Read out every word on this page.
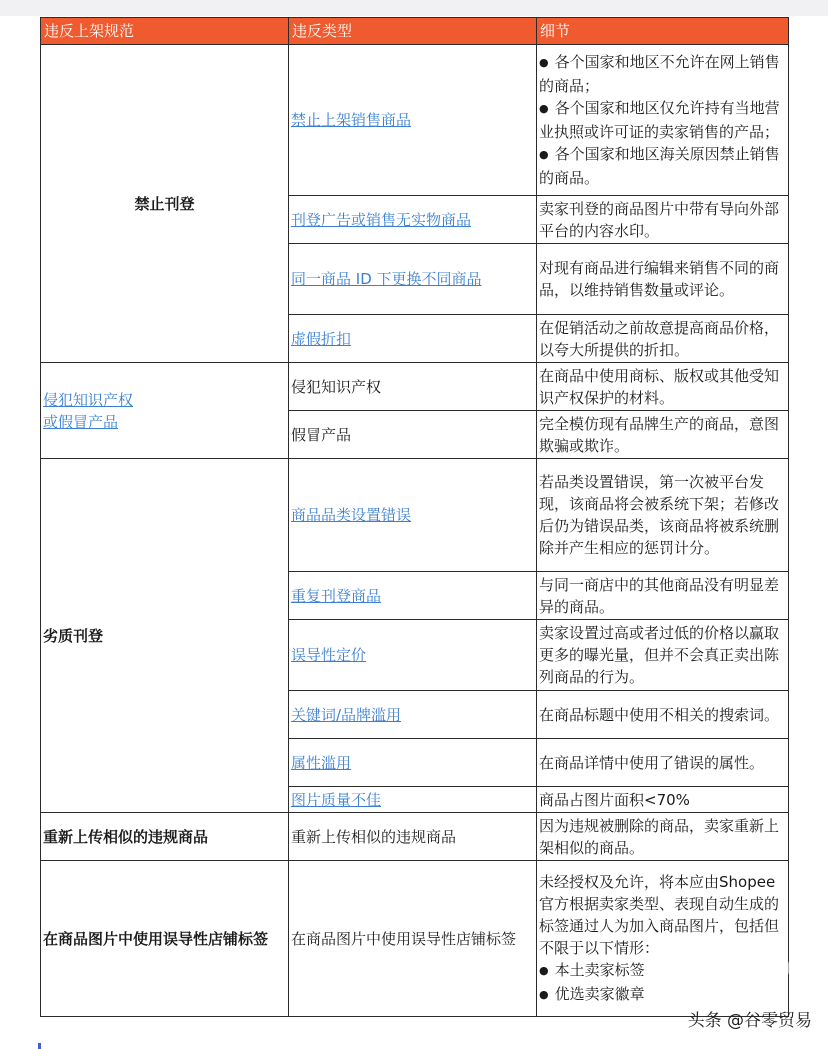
违反上架规范	违反类型	细节
禁止刊登	禁止上架销售商品	● 各个国家和地区不允许在网上销售的商品；
● 各个国家和地区仅允许持有当地营业执照或许可证的卖家销售的产品；
● 各个国家和地区海关原因禁止销售的商品。

	刊登广告或销售无实物商品	卖家刊登的商品图片中带有导向外部平台的内容水印。
	同一商品 ID 下更换不同商品	对现有商品进行编辑来销售不同的商品，以维持销售数量或评论。
	虚假折扣	在促销活动之前故意提高商品价格，以夸大所提供的折扣。

侵犯知识产权
或假冒产品	侵犯知识产权	在商品中使用商标、版权或其他受知识产权保护的材料。
	假冒产品	完全模仿现有品牌生产的商品，意图欺骗或欺诈。
劣质刊登	商品品类设置错误	若品类设置错误，第一次被平台发现，该商品将会被系统下架；若修改后仍为错误品类，该商品将被系统删除并产生相应的惩罚计分。
	重复刊登商品	与同一商店中的其他商品没有明显差异的商品。
	误导性定价	卖家设置过高或者过低的价格以赢取更多的曝光量，但并不会真正卖出陈列商品的行为。
	关键词/品牌滥用	在商品标题中使用不相关的搜索词。
	属性滥用	在商品详情中使用了错误的属性。
	图片质量不佳	商品占图片面积<70%
重新上传相似的违规商品	重新上传相似的违规商品	因为违规被删除的商品，卖家重新上架相似的商品。
在商品图片中使用误导性店铺标签	在商品图片中使用误导性店铺标签	未经授权及允许，将本应由Shopee 官方根据卖家类型、表现自动生成的标签通过人为加入商品图片，包括但不限于以下情形：
● 本土卖家标签
● 优选卖家徽章
头条 @谷零贸易
